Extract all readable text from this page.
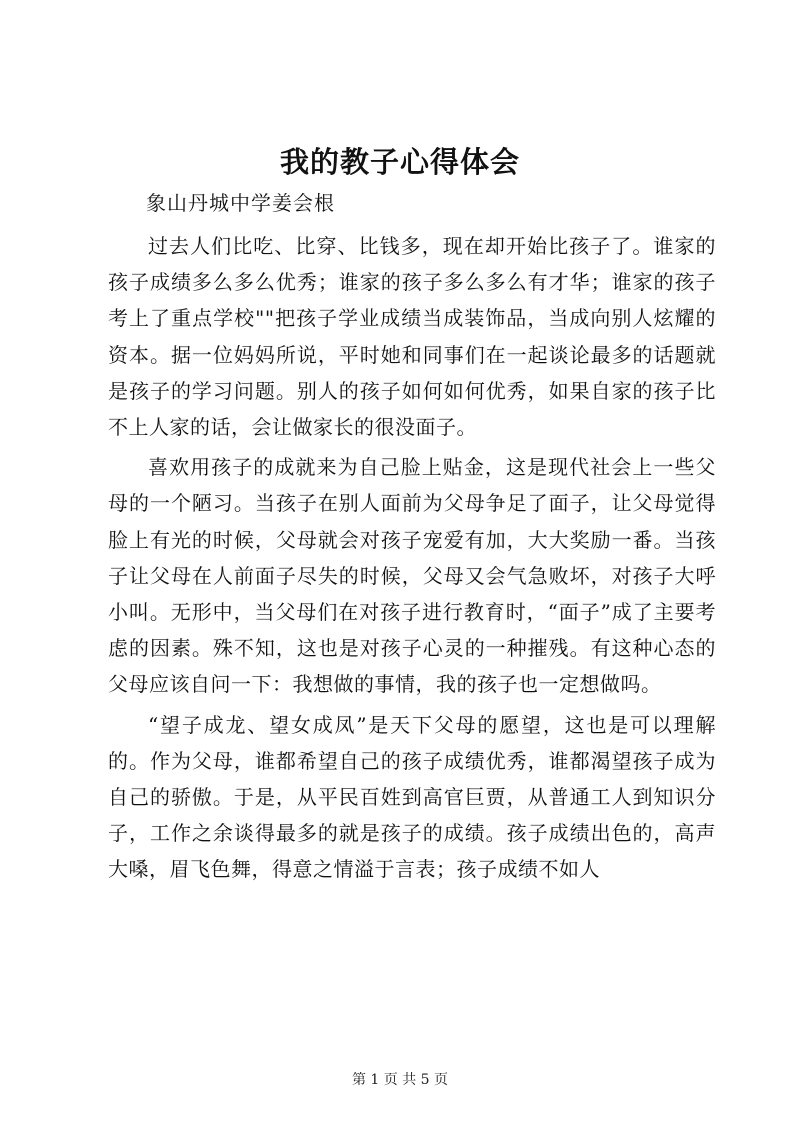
我的教子心得体会
象山丹城中学姜会根

过去人们比吃、比穿、比钱多，现在却开始比孩子了。谁家的孩子成绩多么多么优秀；谁家的孩子多么多么有才华；谁家的孩子考上了重点学校""把孩子学业成绩当成装饰品，当成向别人炫耀的资本。据一位妈妈所说，平时她和同事们在一起谈论最多的话题就是孩子的学习问题。别人的孩子如何如何优秀，如果自家的孩子比不上人家的话，会让做家长的很没面子。

喜欢用孩子的成就来为自己脸上贴金，这是现代社会上一些父母的一个陋习。当孩子在别人面前为父母争足了面子，让父母觉得脸上有光的时候，父母就会对孩子宠爱有加，大大奖励一番。当孩子让父母在人前面子尽失的时候，父母又会气急败坏，对孩子大呼小叫。无形中，当父母们在对孩子进行教育时，“面子”成了主要考虑的因素。殊不知，这也是对孩子心灵的一种摧残。有这种心态的父母应该自问一下：我想做的事情，我的孩子也一定想做吗。

“望子成龙、望女成凤”是天下父母的愿望，这也是可以理解的。作为父母，谁都希望自己的孩子成绩优秀，谁都渴望孩子成为自己的骄傲。于是，从平民百姓到高官巨贾，从普通工人到知识分子，工作之余谈得最多的就是孩子的成绩。孩子成绩出色的，高声大嗓，眉飞色舞，得意之情溢于言表；孩子成绩不如人

第 1 页 共 5 页
